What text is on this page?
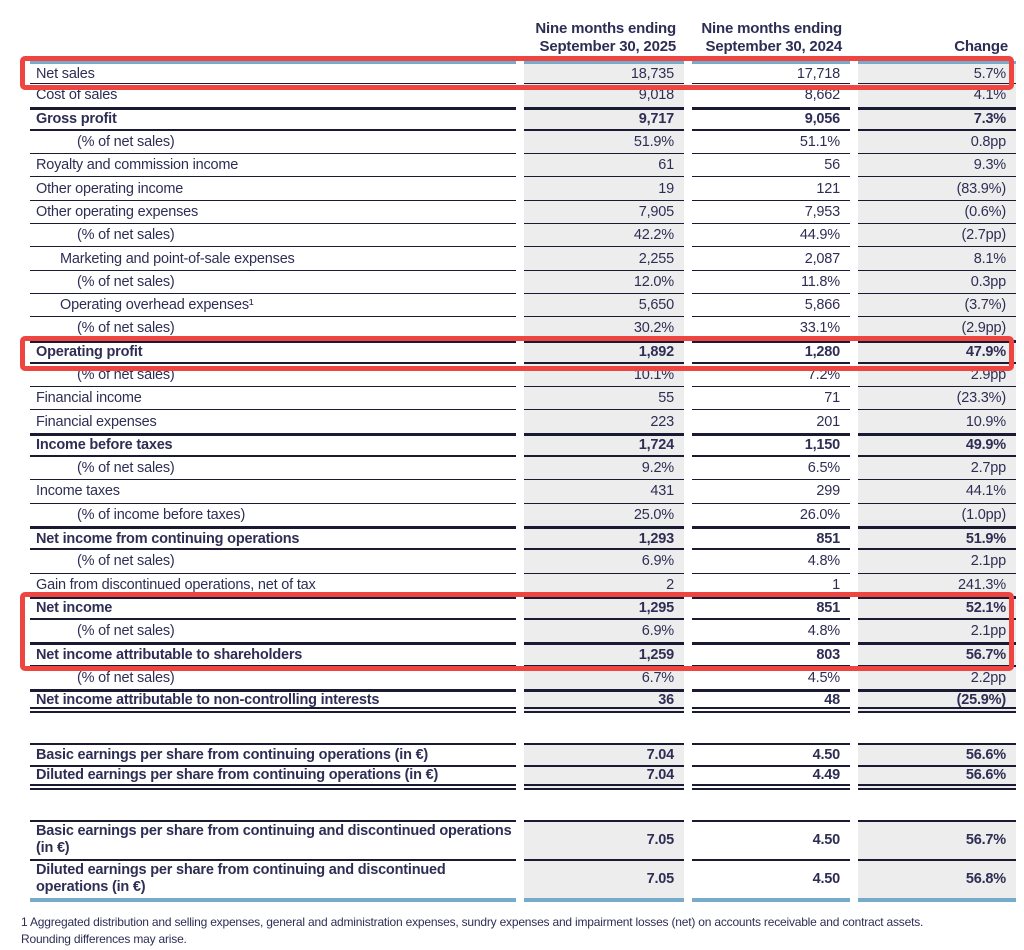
Nine months ending
September 30, 2025
Nine months ending
September 30, 2024	Change
Net sales	18,735	17,718	5.7%
Cost of sales	9,018	8,662	4.1%
Gross profit	9,717	9,056	7.3%
(% of net sales)	51.9%	51.1%	0.8pp
Royalty and commission income	61	56	9.3%
Other operating income	19	121	(83.9%)
Other operating expenses	7,905	7,953	(0.6%)
(% of net sales)	42.2%	44.9%	(2.7pp)
Marketing and point-of-sale expenses	2,255	2,087	8.1%
(% of net sales)	12.0%	11.8%	0.3pp
Operating overhead expenses¹	5,650	5,866	(3.7%)
(% of net sales)	30.2%	33.1%	(2.9pp)
Operating profit	1,892	1,280	47.9%
(% of net sales)	10.1%	7.2%	2.9pp
Financial income	55	71	(23.3%)
Financial expenses	223	201	10.9%
Income before taxes	1,724	1,150	49.9%
(% of net sales)	9.2%	6.5%	2.7pp
Income taxes	431	299	44.1%
(% of income before taxes)	25.0%	26.0%	(1.0pp)
Net income from continuing operations	1,293	851	51.9%
(% of net sales)	6.9%	4.8%	2.1pp
Gain from discontinued operations, net of tax	2	1	241.3%
Net income	1,295	851	52.1%
(% of net sales)	6.9%	4.8%	2.1pp
Net income attributable to shareholders	1,259	803	56.7%
(% of net sales)	6.7%	4.5%	2.2pp
Net income attributable to non-controlling interests	36	48	(25.9%)
Basic earnings per share from continuing operations (in €)	7.04	4.50	56.6%
Diluted earnings per share from continuing operations (in €)	7.04	4.49	56.6%
Basic earnings per share from continuing and discontinued operations (in €)	7.05	4.50	56.7%
Diluted earnings per share from continuing and discontinued operations (in €)	7.05	4.50	56.8%
1 Aggregated distribution and selling expenses, general and administration expenses, sundry expenses and impairment losses (net) on accounts receivable and contract assets.
Rounding differences may arise.
